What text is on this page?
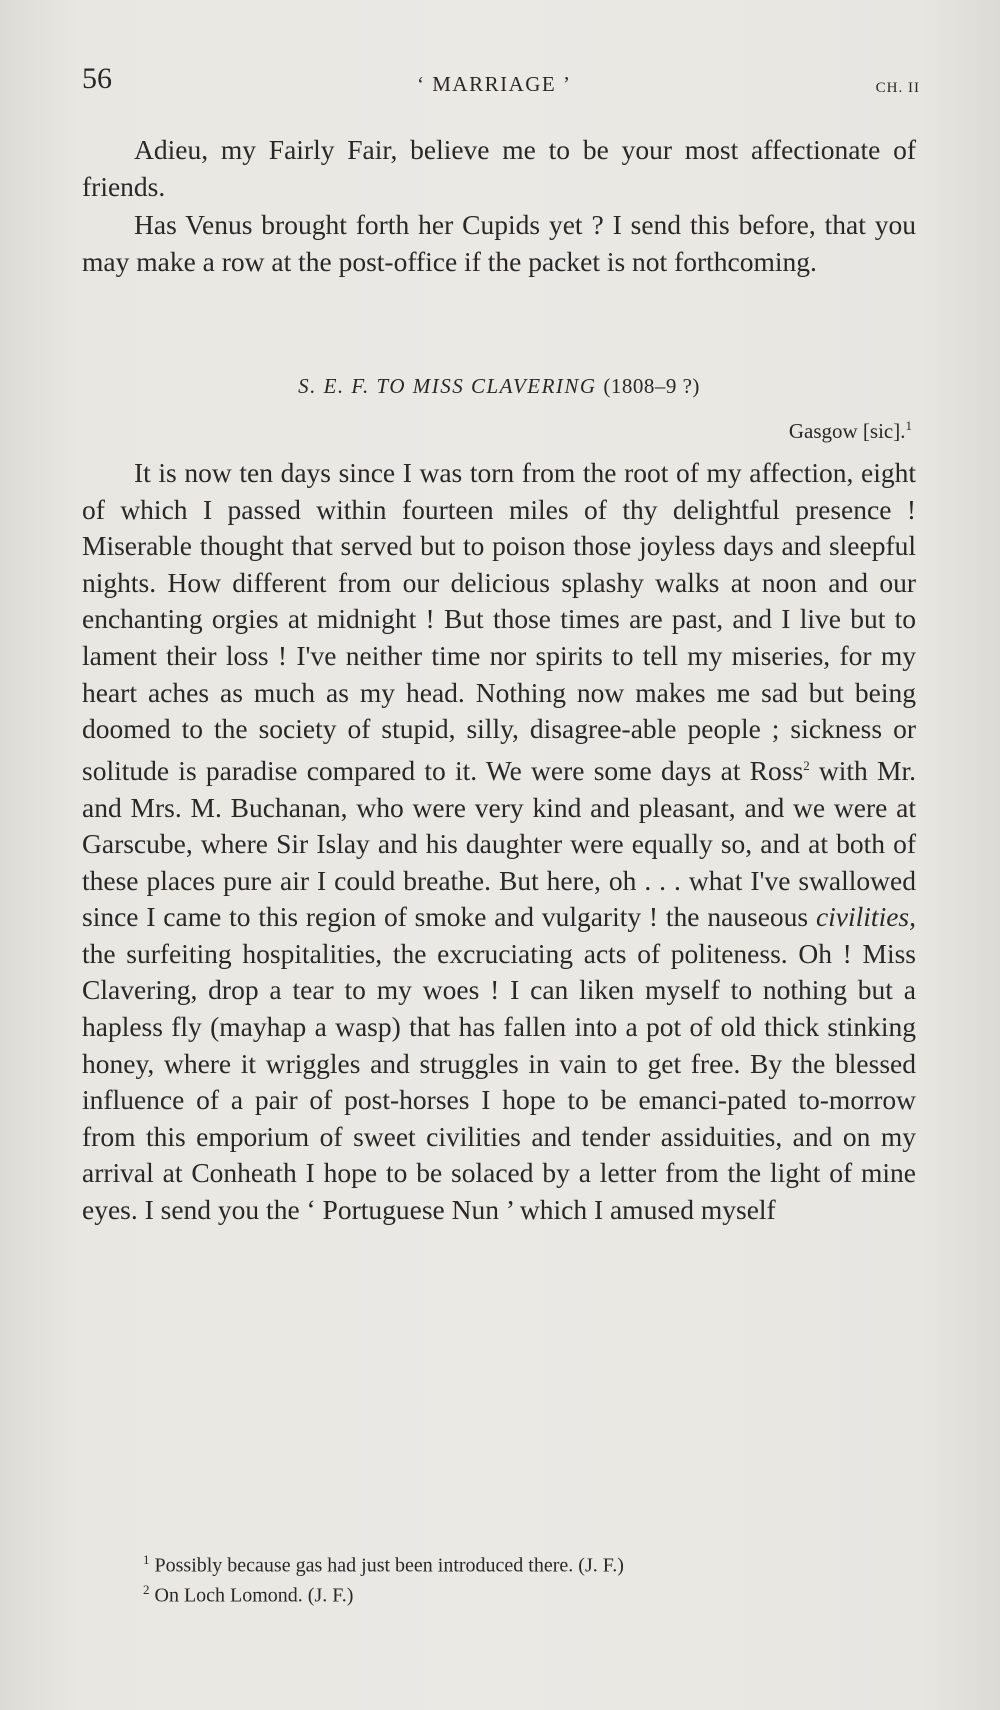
56	‘ MARRIAGE ’	CH. II

Adieu, my Fairly Fair, believe me to be your most affectionate of friends.

Has Venus brought forth her Cupids yet ? I send this before, that you may make a row at the post-office if the packet is not forthcoming.

S. E. F. TO MISS CLAVERING (1808–9 ?)
Gasgow [sic].$^1$

It is now ten days since I was torn from the root of my affection, eight of which I passed within fourteen miles of thy delightful presence ! Miserable thought that served but to poison those joyless days and sleepful nights. How different from our delicious splashy walks at noon and our enchanting orgies at midnight ! But those times are past, and I live but to lament their loss ! I've neither time nor spirits to tell my miseries, for my heart aches as much as my head. Nothing now makes me sad but being doomed to the society of stupid, silly, disagree-able people ; sickness or solitude is paradise compared to it. We were some days at Ross$^2$ with Mr. and Mrs. M. Buchanan, who were very kind and pleasant, and we were at Garscube, where Sir Islay and his daughter were equally so, and at both of these places pure air I could breathe. But here, oh . . . what I've swallowed since I came to this region of smoke and vulgarity ! the nauseous civilities, the surfeiting hospitalities, the excruciating acts of politeness. Oh ! Miss Clavering, drop a tear to my woes ! I can liken myself to nothing but a hapless fly (mayhap a wasp) that has fallen into a pot of old thick stinking honey, where it wriggles and struggles in vain to get free. By the blessed influence of a pair of post-horses I hope to be emanci-pated to-morrow from this emporium of sweet civilities and tender assiduities, and on my arrival at Conheath I hope to be solaced by a letter from the light of mine eyes. I send you the ‘ Portuguese Nun ’ which I amused myself

$^1$ Possibly because gas had just been introduced there. (J. F.)

$^2$ On Loch Lomond. (J. F.)
